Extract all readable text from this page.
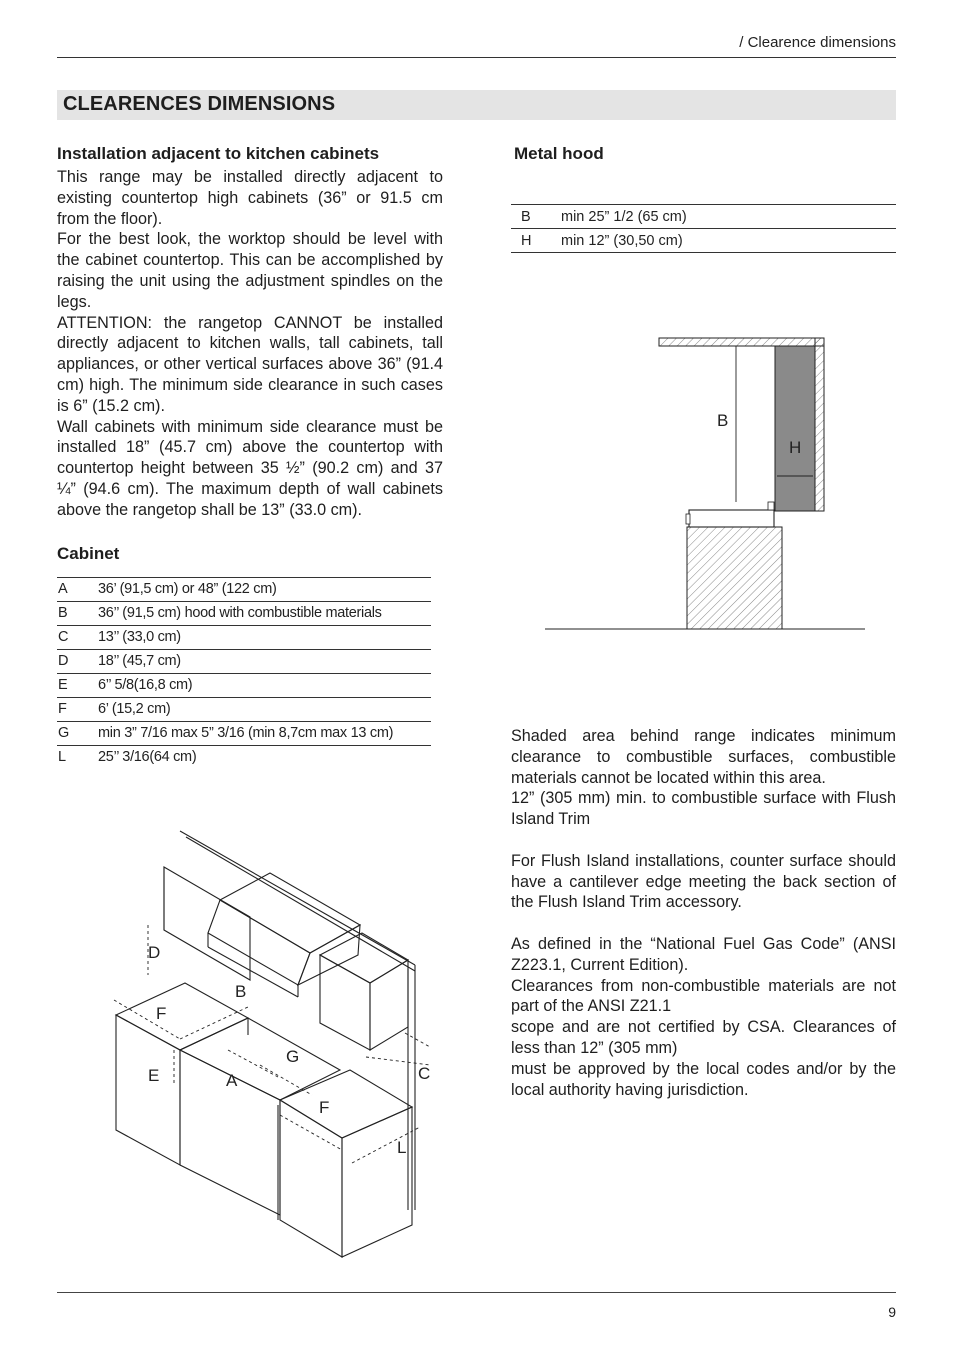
/ Clearence dimensions
CLEARENCES DIMENSIONS
Installation adjacent to kitchen cabinets

This range may be installed directly adjacent to existing countertop high cabinets (36” or 91.5 cm from the floor).

For the best look, the worktop should be level with the cabinet countertop. This can be accomplished by raising the unit using the adjustment spindles on the legs.

ATTENTION: the rangetop CANNOT be installed directly adjacent to kitchen walls, tall cabinets, tall appliances, or other vertical surfaces above 36” (91.4 cm) high. The minimum side clearance in such cases is 6” (15.2 cm).

Wall cabinets with minimum side clearance must be installed 18” (45.7 cm) above the countertop with countertop height between 35 ½” (90.2 cm) and 37 ¼” (94.6 cm). The maximum depth of wall cabinets above the rangetop shall be 13” (33.0 cm).

Cabinet
A	36’ (91,5 cm) or 48” (122 cm)
B	36’’ (91,5 cm) hood with combustible materials
C	13’’ (33,0 cm)
D	18’’ (45,7 cm)
E	6’’ 5/8(16,8 cm)
F	6’ (15,2 cm)
G	min 3” 7/16 max 5” 3/16 (min 8,7cm max 13 cm)
L	25’’ 3/16(64 cm)
D
B
F
G
E	A	C
F
L
Metal hood
B	min 25” 1/2 (65 cm)
H	min 12” (30,50 cm)
B
H

Shaded area behind range indicates minimum clearance to combustible surfaces, combustible materials cannot be located within this area.

12” (305 mm) min. to combustible surface with Flush Island Trim

For Flush Island installations, counter surface should have a cantilever edge meeting the back section of the Flush Island Trim accessory.

As defined in the “National Fuel Gas Code” (ANSI Z223.1, Current Edition).

Clearances from non-combustible materials are not part of the ANSI Z21.1

scope and are not certified by CSA. Clearances of less than 12” (305 mm)

must be approved by the local codes and/or by the local authority having jurisdiction.

9
